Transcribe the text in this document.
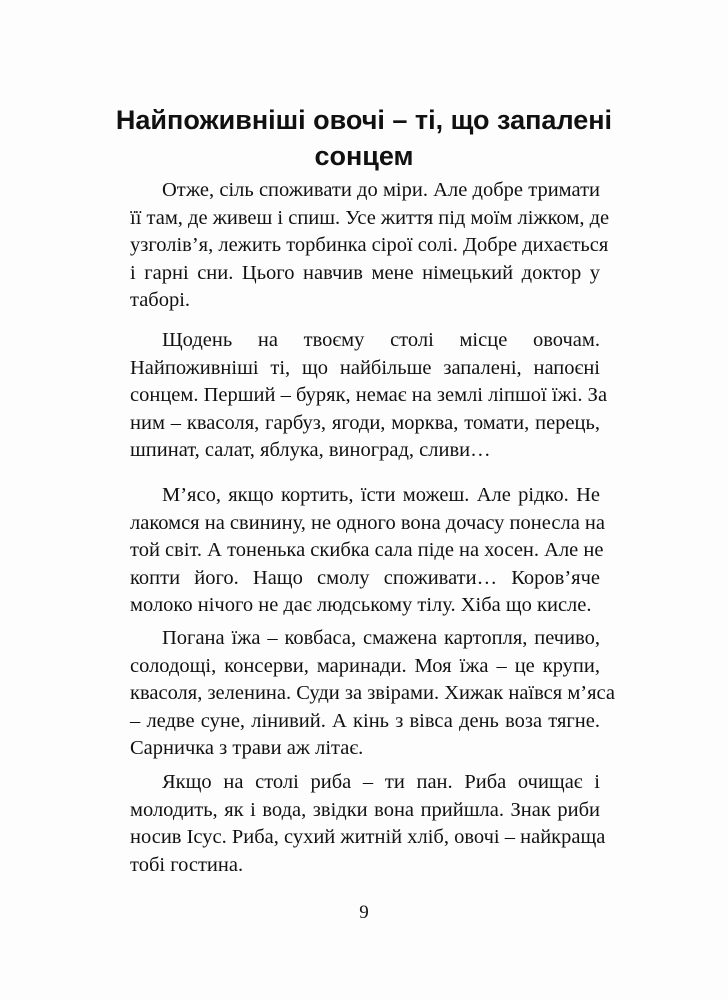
Найпоживніші овочі – ті, що запалені
сонцем
Отже, сіль споживати до міри. Але добре тримати
її там, де живеш і спиш. Усе життя під моїм ліжком, де
узголів’я, лежить торбинка сірої солі. Добре дихається
і гарні сни. Цього навчив мене німецький доктор у
таборі.
Щодень на твоєму столі місце овочам.
Найпоживніші ті, що найбільше запалені, напоєні
сонцем. Перший – буряк, немає на землі ліпшої їжі. За
ним – квасоля, гарбуз, ягоди, морква, томати, перець,
шпинат, салат, яблука, виноград, сливи…
М’ясо, якщо кортить, їсти можеш. Але рідко. Не
лакомся на свинину, не одного вона дочасу понесла на
той світ. А тоненька скибка сала піде на хосен. Але не
копти його. Нащо смолу споживати… Коров’яче
молоко нічого не дає людському тілу. Хіба що кисле.
Погана їжа – ковбаса, смажена картопля, печиво,
солодощі, консерви, маринади. Моя їжа – це крупи,
квасоля, зеленина. Суди за звірами. Хижак наївся м’яса
– ледве суне, лінивий. А кінь з вівса день воза тягне.
Сарничка з трави аж літає.
Якщо на столі риба – ти пан. Риба очищає і
молодить, як і вода, звідки вона прийшла. Знак риби
носив Ісус. Риба, сухий житній хліб, овочі – найкраща
тобі гостина.

9
